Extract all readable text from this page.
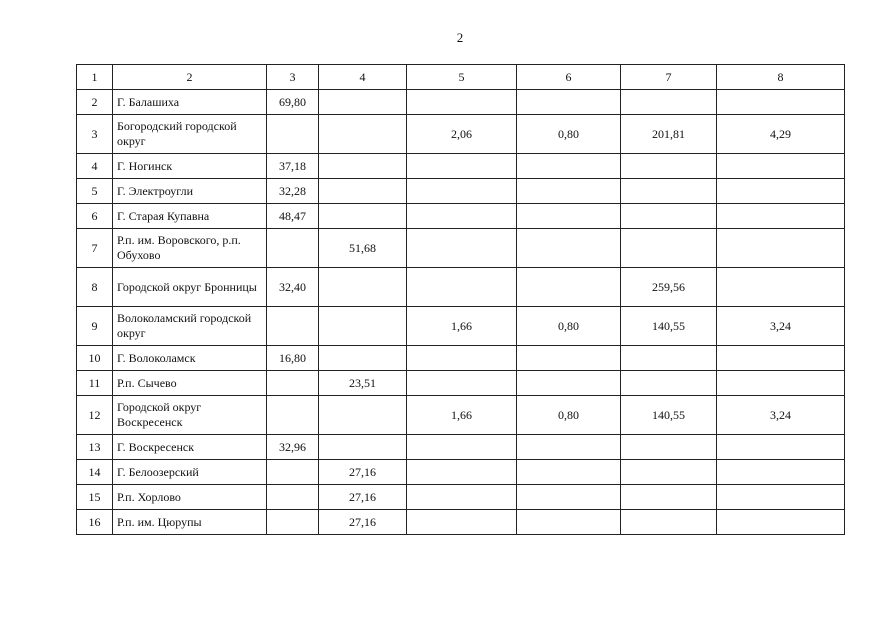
2
1	2	3	4	5	6	7	8
2	Г. Балашиха	69,80					
3	Богородский городской округ			2,06	0,80	201,81	4,29
4	Г. Ногинск	37,18					
5	Г. Электроугли	32,28					
6	Г. Старая Купавна	48,47					
7	Р.п. им. Воровского, р.п. Обухово		51,68				
8	Городской округ Бронницы	32,40				259,56	
9	Волоколамский городской округ			1,66	0,80	140,55	3,24
10	Г. Волоколамск	16,80					
11	Р.п. Сычево		23,51				
12	Городской округ Воскресенск			1,66	0,80	140,55	3,24
13	Г. Воскресенск	32,96					
14	Г. Белоозерский		27,16				
15	Р.п. Хорлово		27,16				
16	Р.п. им. Цюрупы		27,16				
